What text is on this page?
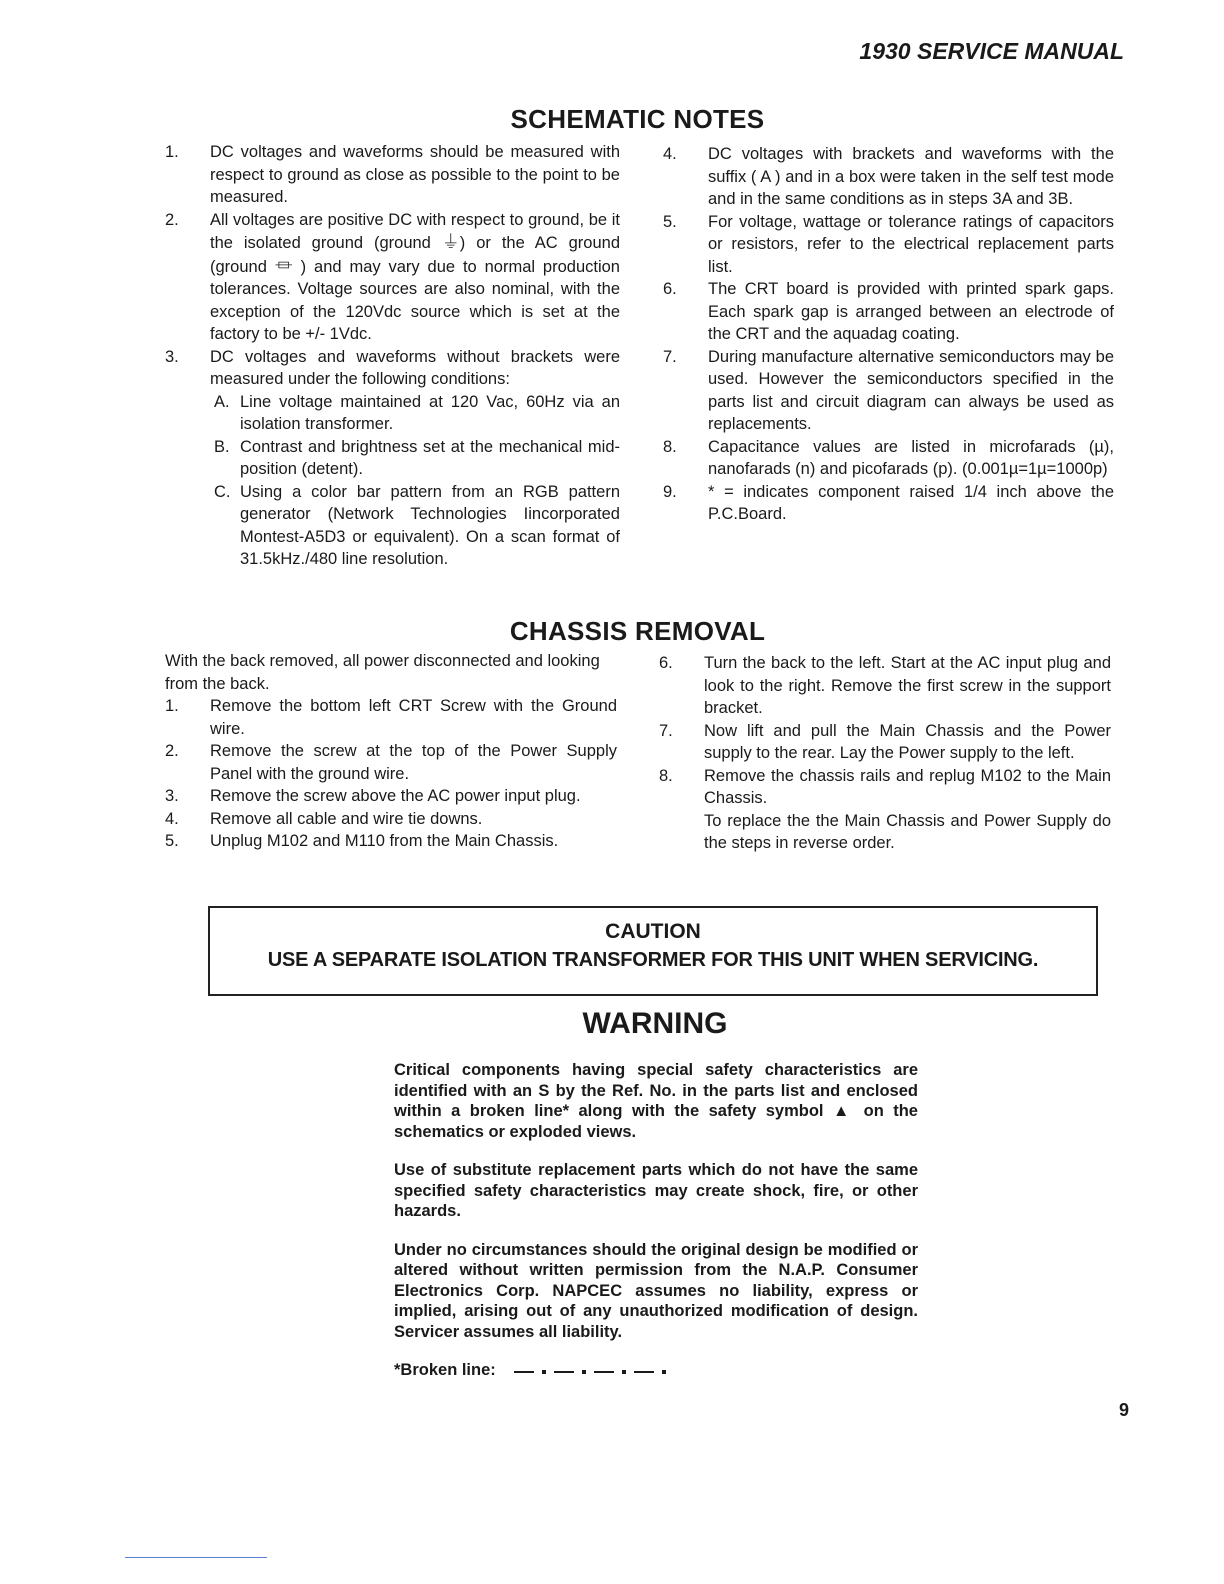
1930 SERVICE MANUAL
SCHEMATIC NOTES
1.	DC voltages and waveforms should be measured with respect to ground as close as possible to the point to be measured.
2.	All voltages are positive DC with respect to ground, be it the isolated ground (ground ⏚) or the AC ground (ground ⏛ ) and may vary due to normal production tolerances. Voltage sources are also nominal, with the exception of the 120Vdc source which is set at the factory to be +/- 1Vdc.
3.	DC voltages and waveforms without brackets were measured under the following conditions:
A. Line voltage maintained at 120 Vac, 60Hz via an isolation transformer.
B. Contrast and brightness set at the mechanical mid-position (detent).
C. Using a color bar pattern from an RGB pattern generator (Network Technologies Iincorporated Montest-A5D3 or equivalent). On a scan format of 31.5kHz./480 line resolution.
4.	DC voltages with brackets and waveforms with the suffix ( A ) and in a box were taken in the self test mode and in the same conditions as in steps 3A and 3B.
5.	For voltage, wattage or tolerance ratings of capacitors or resistors, refer to the electrical replacement parts list.
6.	The CRT board is provided with printed spark gaps. Each spark gap is arranged between an electrode of the CRT and the aquadag coating.
7.	During manufacture alternative semiconductors may be used. However the semiconductors specified in the parts list and circuit diagram can always be used as replacements.
8.	Capacitance values are listed in microfarads (µ), nanofarads (n) and picofarads (p). (0.001µ=1µ=1000p)
9.	* = indicates component raised 1/4 inch above the P.C.Board.
CHASSIS REMOVAL
With the back removed, all power disconnected and looking from the back.
1.	Remove the bottom left CRT Screw with the Ground wire.
2.	Remove the screw at the top of the Power Supply Panel with the ground wire.
3.	Remove the screw above the AC power input plug.
4.	Remove all cable and wire tie downs.
5.	Unplug M102 and M110 from the Main Chassis.
6.	Turn the back to the left. Start at the AC input plug and look to the right. Remove the first screw in the support bracket.
7.	Now lift and pull the Main Chassis and the Power supply to the rear. Lay the Power supply to the left.
8.	Remove the chassis rails and replug M102 to the Main Chassis.
To replace the the Main Chassis and Power Supply do the steps in reverse order.
CAUTION
USE A SEPARATE ISOLATION TRANSFORMER FOR THIS UNIT WHEN SERVICING.
WARNING

Critical components having special safety characteristics are identified with an S by the Ref. No. in the parts list and enclosed within a broken line* along with the safety symbol ▲ on the schematics or exploded views.

Use of substitute replacement parts which do not have the same specified safety characteristics may create shock, fire, or other hazards.

Under no circumstances should the original design be modified or altered without written permission from the N.A.P. Consumer Electronics Corp. NAPCEC assumes no liability, express or implied, arising out of any unauthorized modification of design. Servicer assumes all liability.

*Broken line:
9
